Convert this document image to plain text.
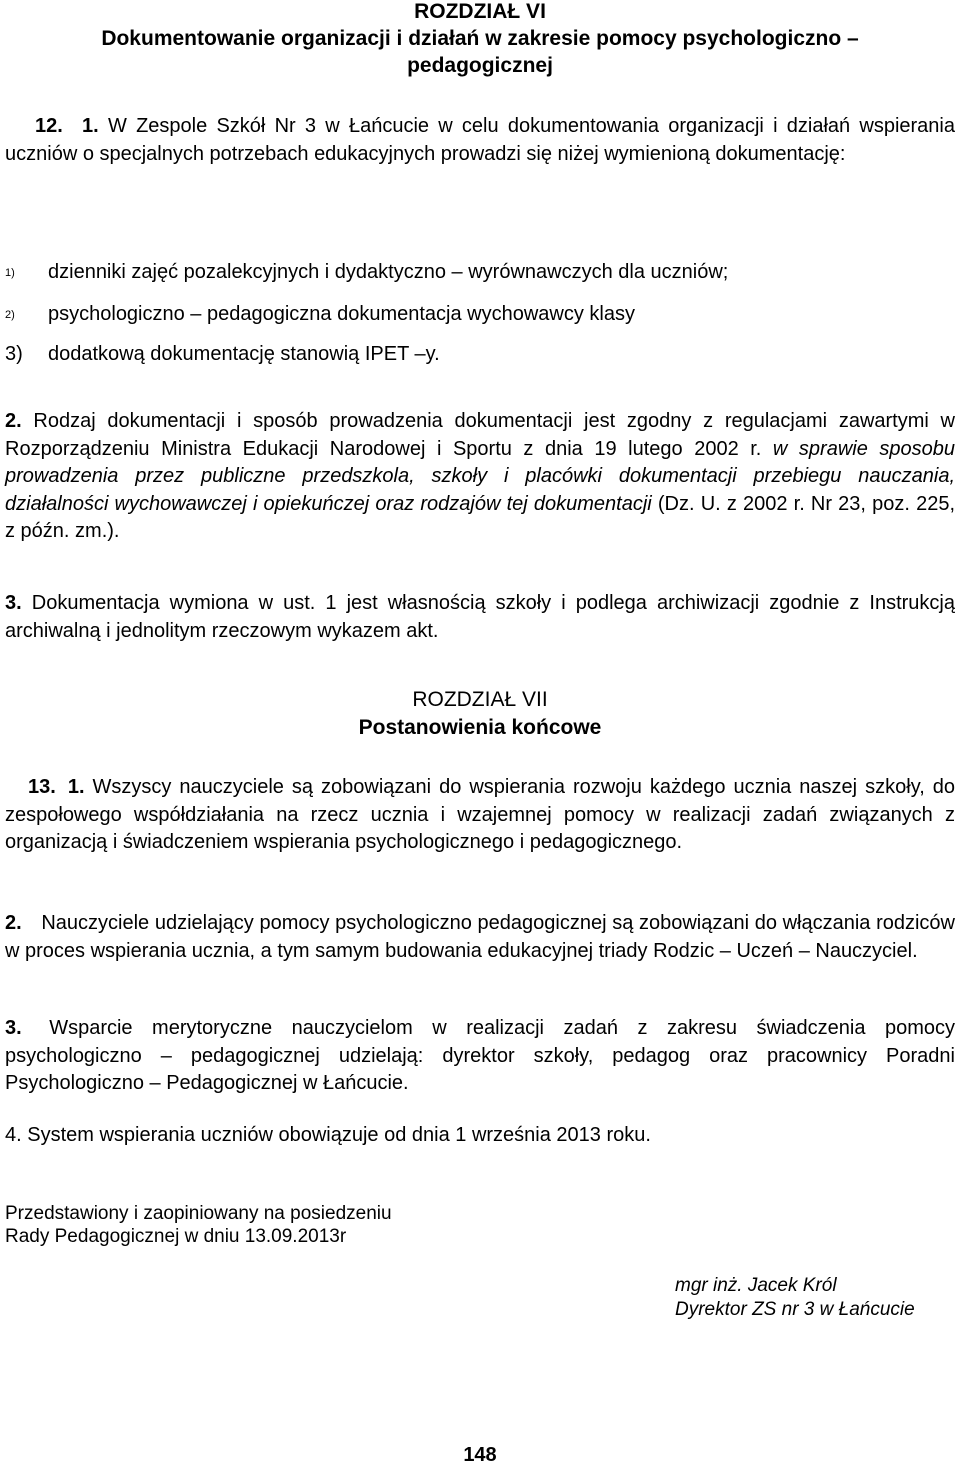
ROZDZIAŁ VI
Dokumentowanie organizacji i działań w zakresie pomocy psychologiczno –
pedagogicznej
12. 1. W Zespole Szkół Nr 3 w Łańcucie w celu dokumentowania organizacji i działań wspierania uczniów o specjalnych potrzebach edukacyjnych prowadzi się niżej wymienioną dokumentację:
1) dzienniki zajęć pozalekcyjnych i dydaktyczno – wyrównawczych dla uczniów;
2) psychologiczno – pedagogiczna dokumentacja wychowawcy klasy
3) dodatkową dokumentację stanowią IPET –y.
2. Rodzaj dokumentacji i sposób prowadzenia dokumentacji jest zgodny z regulacjami zawartymi w Rozporządzeniu Ministra Edukacji Narodowej i Sportu z dnia 19 lutego 2002 r. w sprawie sposobu prowadzenia przez publiczne przedszkola, szkoły i placówki dokumentacji przebiegu nauczania, działalności wychowawczej i opiekuńczej oraz rodzajów tej dokumentacji (Dz. U. z 2002 r. Nr 23, poz. 225, z późn. zm.).
3. Dokumentacja wymiona w ust. 1 jest własnością szkoły i podlega archiwizacji zgodnie z Instrukcją archiwalną i jednolitym rzeczowym wykazem akt.
ROZDZIAŁ VII
Postanowienia końcowe
13. 1. Wszyscy nauczyciele są zobowiązani do wspierania rozwoju każdego ucznia naszej szkoły, do zespołowego współdziałania na rzecz ucznia i wzajemnej pomocy w realizacji zadań związanych z organizacją i świadczeniem wspierania psychologicznego i pedagogicznego.
2. Nauczyciele udzielający pomocy psychologiczno pedagogicznej są zobowiązani do włączania rodziców w proces wspierania ucznia, a tym samym budowania edukacyjnej triady Rodzic – Uczeń – Nauczyciel.
3. Wsparcie merytoryczne nauczycielom w realizacji zadań z zakresu świadczenia pomocy psychologiczno – pedagogicznej udzielają: dyrektor szkoły, pedagog oraz pracownicy Poradni Psychologiczno – Pedagogicznej w Łańcucie.
4. System wspierania uczniów obowiązuje od dnia 1 września 2013 roku.
Przedstawiony i zaopiniowany na posiedzeniu
Rady Pedagogicznej w dniu 13.09.2013r
mgr inż. Jacek Król
Dyrektor ZS nr 3 w Łańcucie
148
